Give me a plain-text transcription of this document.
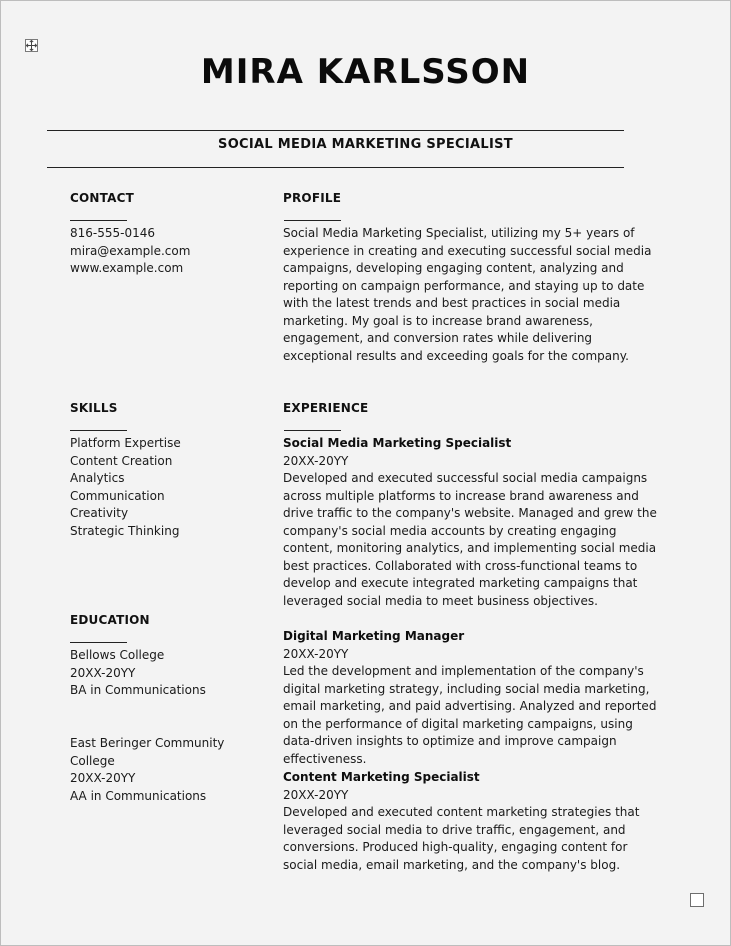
MIRA KARLSSON
SOCIAL MEDIA MARKETING SPECIALIST
CONTACT
816-555-0146
mira@example.com
www.example.com
PROFILE
Social Media Marketing Specialist, utilizing my 5+ years of experience in creating and executing successful social media campaigns, developing engaging content, analyzing and reporting on campaign performance, and staying up to date with the latest trends and best practices in social media marketing. My goal is to increase brand awareness, engagement, and conversion rates while delivering exceptional results and exceeding goals for the company.
SKILLS
Platform Expertise
Content Creation
Analytics
Communication
Creativity
Strategic Thinking
EDUCATION
Bellows College
20XX-20YY
BA in Communications
East Beringer Community
College
20XX-20YY
AA in Communications
EXPERIENCE
Social Media Marketing Specialist
20XX-20YY
Developed and executed successful social media campaigns across multiple platforms to increase brand awareness and drive traffic to the company's website. Managed and grew the company's social media accounts by creating engaging content, monitoring analytics, and implementing social media best practices. Collaborated with cross-functional teams to develop and execute integrated marketing campaigns that leveraged social media to meet business objectives.
Digital Marketing Manager
20XX-20YY
Led the development and implementation of the company's digital marketing strategy, including social media marketing, email marketing, and paid advertising. Analyzed and reported on the performance of digital marketing campaigns, using data-driven insights to optimize and improve campaign effectiveness.
Content Marketing Specialist
20XX-20YY
Developed and executed content marketing strategies that leveraged social media to drive traffic, engagement, and conversions. Produced high-quality, engaging content for social media, email marketing, and the company's blog.
